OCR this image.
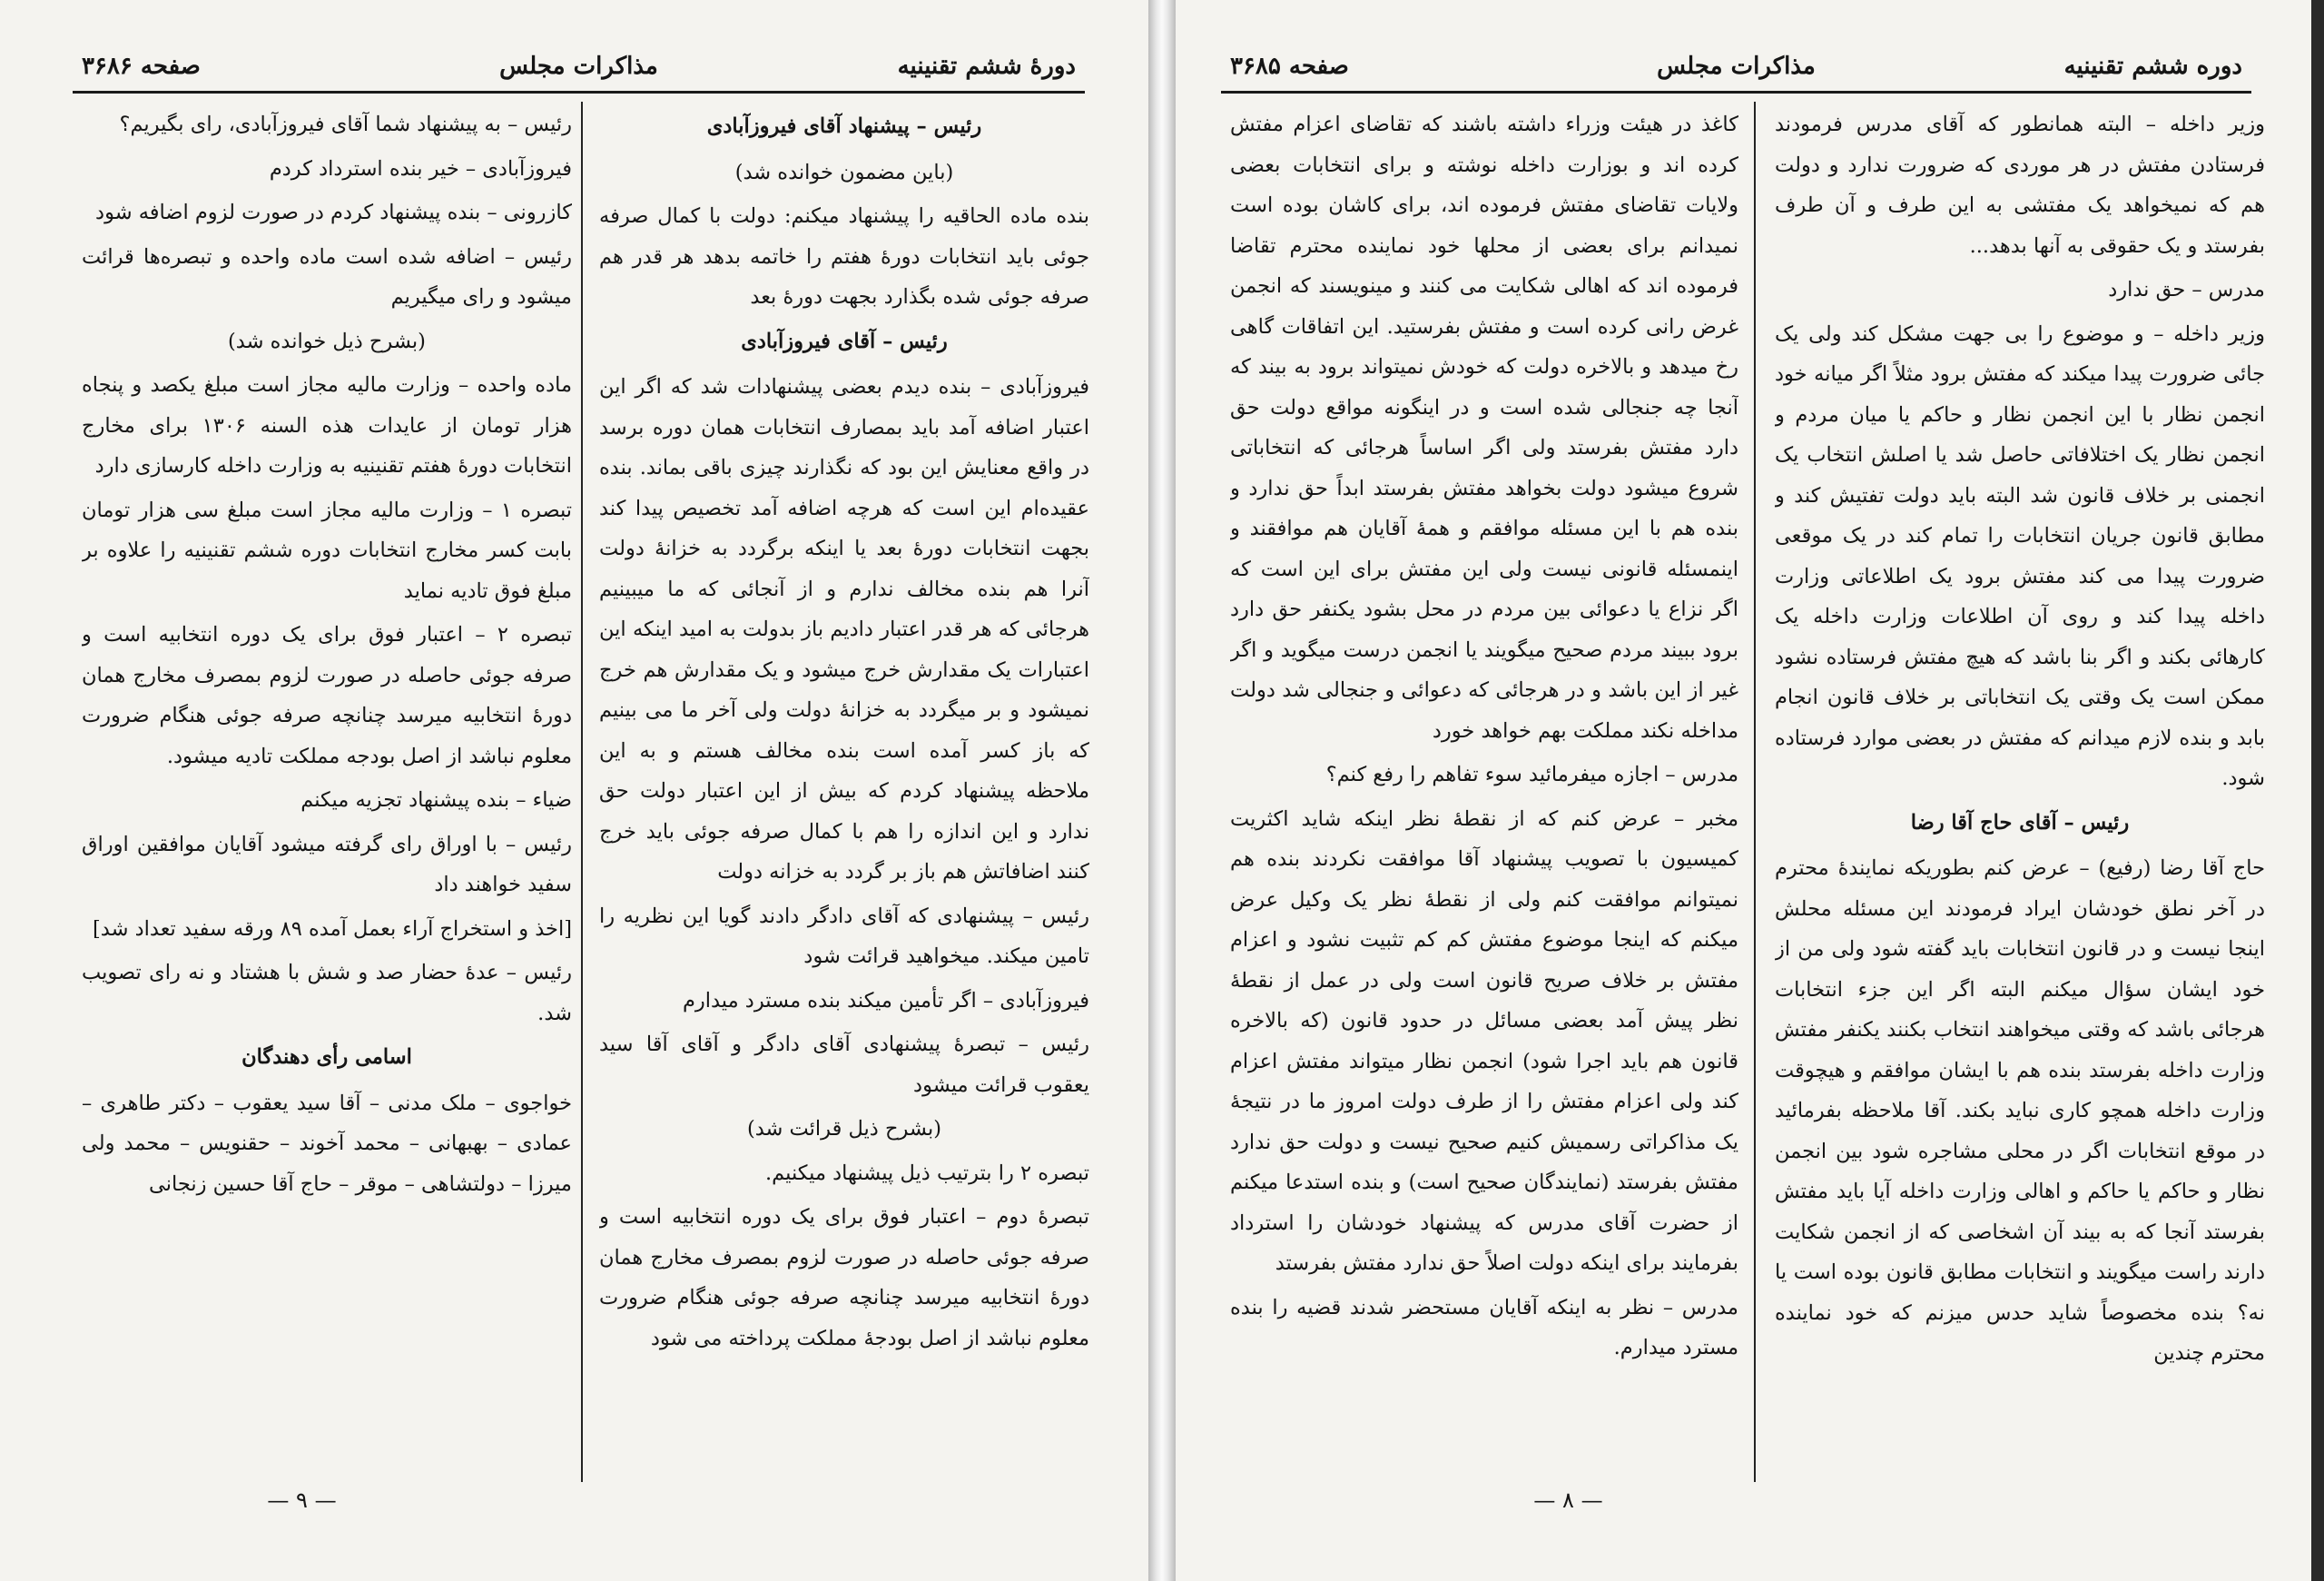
صفحه ۳۶۸۶	مذاکرات مجلس	دورهٔ ششم تقنینیه
رئیس – پیشنهاد آقای فیروزآبادی
(باین مضمون خوانده شد)
بنده ماده الحاقیه را پیشنهاد میکنم: دولت با کمال صرفه جوئی باید انتخابات دورهٔ هفتم را خاتمه بدهد هر قدر هم صرفه جوئی شده بگذارد بجهت دورهٔ بعد
رئیس – آقای فیروزآبادی
فیروزآبادی – بنده دیدم بعضی پیشنهادات شد که اگر این اعتبار اضافه آمد باید بمصارف انتخابات همان دوره برسد در واقع معنایش این بود که نگذارند چیزی باقی بماند. بنده عقیده‌ام این است که هرچه اضافه آمد تخصیص پیدا کند بجهت انتخابات دورهٔ بعد یا اینکه برگردد به خزانهٔ دولت آنرا هم بنده مخالف ندارم و از آنجائی که ما میبینیم هرجائی که هر قدر اعتبار دادیم باز بدولت به امید اینکه این اعتبارات یک مقدارش خرج میشود و یک مقدارش هم خرج نمیشود و بر میگردد به خزانهٔ دولت ولی آخر ما می بینیم که باز کسر آمده است بنده مخالف هستم و به این ملاحظه پیشنهاد کردم که بیش از این اعتبار دولت حق ندارد و این اندازه را هم با کمال صرفه جوئی باید خرج کنند اضافاتش هم باز بر گردد به خزانه دولت
رئیس – پیشنهادی که آقای دادگر دادند گویا این نظریه را تامین میکند. میخواهید قرائت شود
فیروزآبادی – اگر تأمین میکند بنده مسترد میدارم
رئیس – تبصرهٔ پیشنهادی آقای دادگر و آقای آقا سید یعقوب قرائت میشود
(بشرح ذیل قرائت شد)
تبصره ۲ را بترتیب ذیل پیشنهاد میکنیم.
تبصرهٔ دوم – اعتبار فوق برای یک دوره انتخابیه است و صرفه جوئی حاصله در صورت لزوم بمصرف مخارج همان دورهٔ انتخابیه میرسد چنانچه صرفه جوئی هنگام ضرورت معلوم نباشد از اصل بودجهٔ مملکت پرداخته می شود
رئیس – به پیشنهاد شما آقای فیروزآبادی، رای بگیریم؟
فیروزآبادی – خیر بنده استرداد کردم
کازرونی – بنده پیشنهاد کردم در صورت لزوم اضافه شود
رئیس – اضافه شده است ماده واحده و تبصره‌ها قرائت میشود و رای میگیریم
(بشرح ذیل خوانده شد)
ماده واحده – وزارت مالیه مجاز است مبلغ یکصد و پنجاه هزار تومان از عایدات هذه السنه ۱۳۰۶ برای مخارج انتخابات دورهٔ هفتم تقنینیه به وزارت داخله کارسازی دارد
تبصره ۱ – وزارت مالیه مجاز است مبلغ سی هزار تومان بابت کسر مخارج انتخابات دوره ششم تقنینیه را علاوه بر مبلغ فوق تادیه نماید
تبصره ۲ – اعتبار فوق برای یک دوره انتخابیه است و صرفه جوئی حاصله در صورت لزوم بمصرف مخارج همان دورهٔ انتخابیه میرسد چنانچه صرفه جوئی هنگام ضرورت معلوم نباشد از اصل بودجه مملکت تادیه میشود.
ضیاء – بنده پیشنهاد تجزیه میکنم
رئیس – با اوراق رای گرفته میشود آقایان موافقین اوراق سفید خواهند داد
[اخذ و استخراج آراء بعمل آمده ۸۹ ورقه سفید تعداد شد]
رئیس – عدهٔ حضار صد و شش با هشتاد و نه رای تصویب شد.
اسامی رأی دهندگان
خواجوی – ملک مدنی – آقا سید یعقوب – دکتر طاهری – عمادی – بهبهانی – محمد آخوند – حقنویس – محمد ولی میرزا – دولتشاهی – موقر – حاج آقا حسین زنجانی
— ۹ —
صفحه ۳۶۸۵	مذاکرات مجلس	دوره ششم تقنینیه
وزیر داخله – البته همانطور که آقای مدرس فرمودند فرستادن مفتش در هر موردی که ضرورت ندارد و دولت هم که نمیخواهد یک مفتشی به این طرف و آن طرف بفرستد و یک حقوقی به آنها بدهد...
مدرس – حق ندارد
وزیر داخله – و موضوع را بی جهت مشکل کند ولی یک جائی ضرورت پیدا میکند که مفتش برود مثلاً اگر میانه خود انجمن نظار با این انجمن نظار و حاکم یا میان مردم و انجمن نظار یک اختلافاتی حاصل شد یا اصلش انتخاب یک انجمنی بر خلاف قانون شد البته باید دولت تفتیش کند و مطابق قانون جریان انتخابات را تمام کند در یک موقعی ضرورت پیدا می کند مفتش برود یک اطلاعاتی وزارت داخله پیدا کند و روی آن اطلاعات وزارت داخله یک کارهائی بکند و اگر بنا باشد که هیچ مفتش فرستاده نشود ممکن است یک وقتی یک انتخاباتی بر خلاف قانون انجام بابد و بنده لازم میدانم که مفتش در بعضی موارد فرستاده شود.
رئیس – آقای حاج آقا رضا
حاج آقا رضا (رفیع) – عرض کنم بطوریکه نمایندهٔ محترم در آخر نطق خودشان ایراد فرمودند این مسئله محلش اینجا نیست و در قانون انتخابات باید گفته شود ولی من از خود ایشان سؤال میکنم البته اگر این جزء انتخابات هرجائی باشد که وقتی میخواهند انتخاب بکنند یکنفر مفتش وزارت داخله بفرستد بنده هم با ایشان موافقم و هیچوقت وزارت داخله همچو کاری نباید بکند. آقا ملاحظه بفرمائید در موقع انتخابات اگر در محلی مشاجره شود بین انجمن نظار و حاکم یا حاکم و اهالی وزارت داخله آیا باید مفتش بفرستد آنجا که به بیند آن اشخاصی که از انجمن شکایت دارند راست میگویند و انتخابات مطابق قانون بوده است یا نه؟ بنده مخصوصاً شاید حدس میزنم که خود نماینده محترم چندین
کاغذ در هیئت وزراء داشته باشند که تقاضای اعزام مفتش کرده اند و بوزارت داخله نوشته و برای انتخابات بعضی ولایات تقاضای مفتش فرموده اند، برای کاشان بوده است نمیدانم برای بعضی از محلها خود نماینده محترم تقاضا فرموده اند که اهالی شکایت می کنند و مینویسند که انجمن غرض رانی کرده است و مفتش بفرستید. این اتفاقات گاهی رخ میدهد و بالاخره دولت که خودش نمیتواند برود به بیند که آنجا چه جنجالی شده است و در اینگونه مواقع دولت حق دارد مفتش بفرستد ولی اگر اساساً هرجائی که انتخاباتی شروع میشود دولت بخواهد مفتش بفرستد ابداً حق ندارد و بنده هم با این مسئله موافقم و همهٔ آقایان هم موافقند و اینمسئله قانونی نیست ولی این مفتش برای این است که اگر نزاع یا دعوائی بین مردم در محل بشود یکنفر حق دارد برود ببیند مردم صحیح میگویند یا انجمن درست میگوید و اگر غیر از این باشد و در هرجائی که دعوائی و جنجالی شد دولت مداخله نکند مملکت بهم خواهد خورد
مدرس – اجازه میفرمائید سوء تفاهم را رفع کنم؟
مخبر – عرض کنم که از نقطهٔ نظر اینکه شاید اکثریت کمیسیون با تصویب پیشنهاد آقا موافقت نکردند بنده هم نمیتوانم موافقت کنم ولی از نقطهٔ نظر یک وکیل عرض میکنم که اینجا موضوع مفتش کم کم تثبیت نشود و اعزام مفتش بر خلاف صریح قانون است ولی در عمل از نقطهٔ نظر پیش آمد بعضی مسائل در حدود قانون (که بالاخره قانون هم باید اجرا شود) انجمن نظار میتواند مفتش اعزام کند ولی اعزام مفتش را از طرف دولت امروز ما در نتیجهٔ یک مذاکراتی رسمیش کنیم صحیح نیست و دولت حق ندارد مفتش بفرستد (نمایندگان صحیح است) و بنده استدعا میکنم از حضرت آقای مدرس که پیشنهاد خودشان را استرداد بفرمایند برای اینکه دولت اصلاً حق ندارد مفتش بفرستد
مدرس – نظر به اینکه آقایان مستحضر شدند قضیه را بنده مسترد میدارم.
— ۸ —
